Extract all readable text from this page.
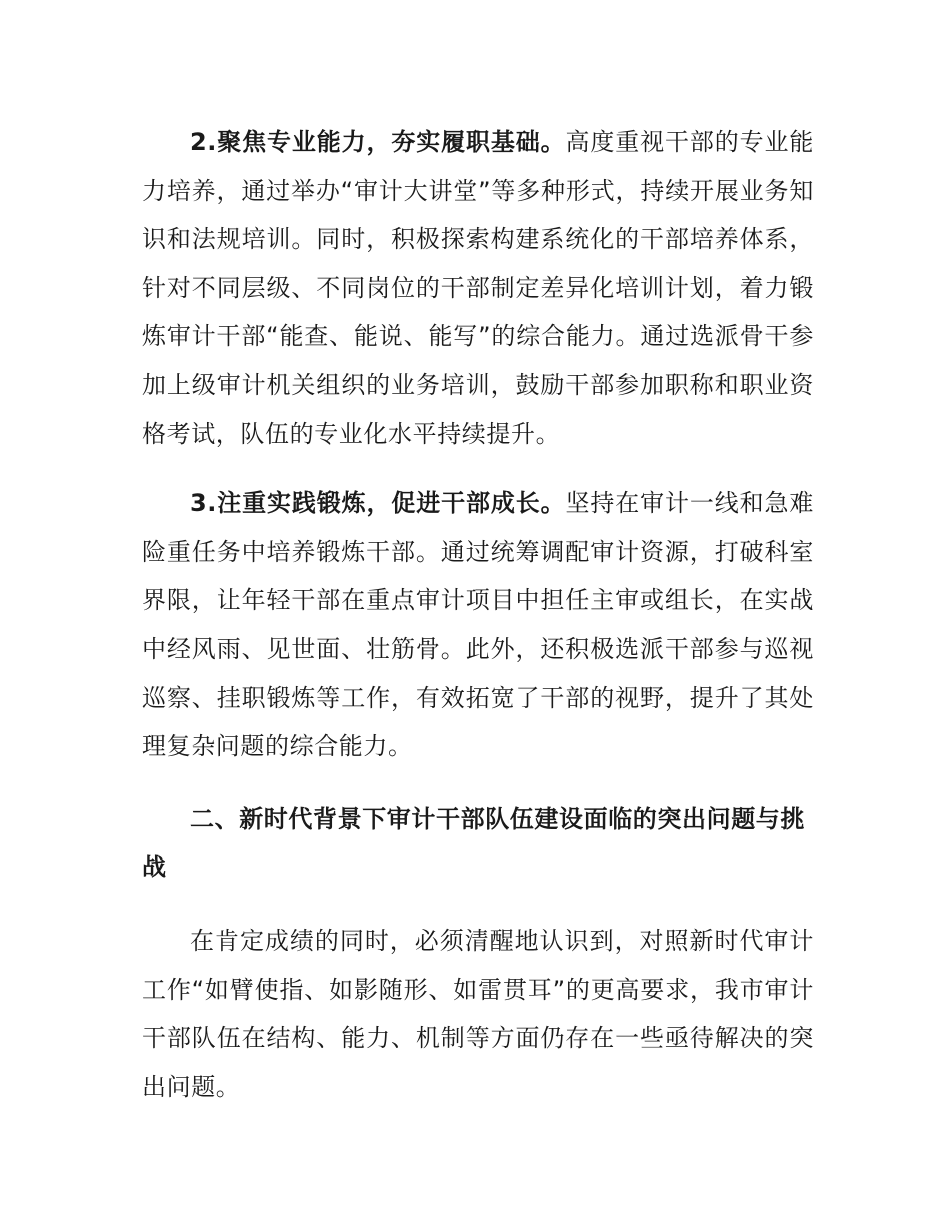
2.聚焦专业能力，夯实履职基础。高度重视干部的专业能力培养，通过举办“审计大讲堂”等多种形式，持续开展业务知识和法规培训。同时，积极探索构建系统化的干部培养体系，针对不同层级、不同岗位的干部制定差异化培训计划，着力锻炼审计干部“能查、能说、能写”的综合能力。通过选派骨干参加上级审计机关组织的业务培训，鼓励干部参加职称和职业资格考试，队伍的专业化水平持续提升。

3.注重实践锻炼，促进干部成长。坚持在审计一线和急难险重任务中培养锻炼干部。通过统筹调配审计资源，打破科室界限，让年轻干部在重点审计项目中担任主审或组长，在实战中经风雨、见世面、壮筋骨。此外，还积极选派干部参与巡视巡察、挂职锻炼等工作，有效拓宽了干部的视野，提升了其处理复杂问题的综合能力。

二、新时代背景下审计干部队伍建设面临的突出问题与挑战

在肯定成绩的同时，必须清醒地认识到，对照新时代审计工作“如臂使指、如影随形、如雷贯耳”的更高要求，我市审计干部队伍在结构、能力、机制等方面仍存在一些亟待解决的突出问题。
